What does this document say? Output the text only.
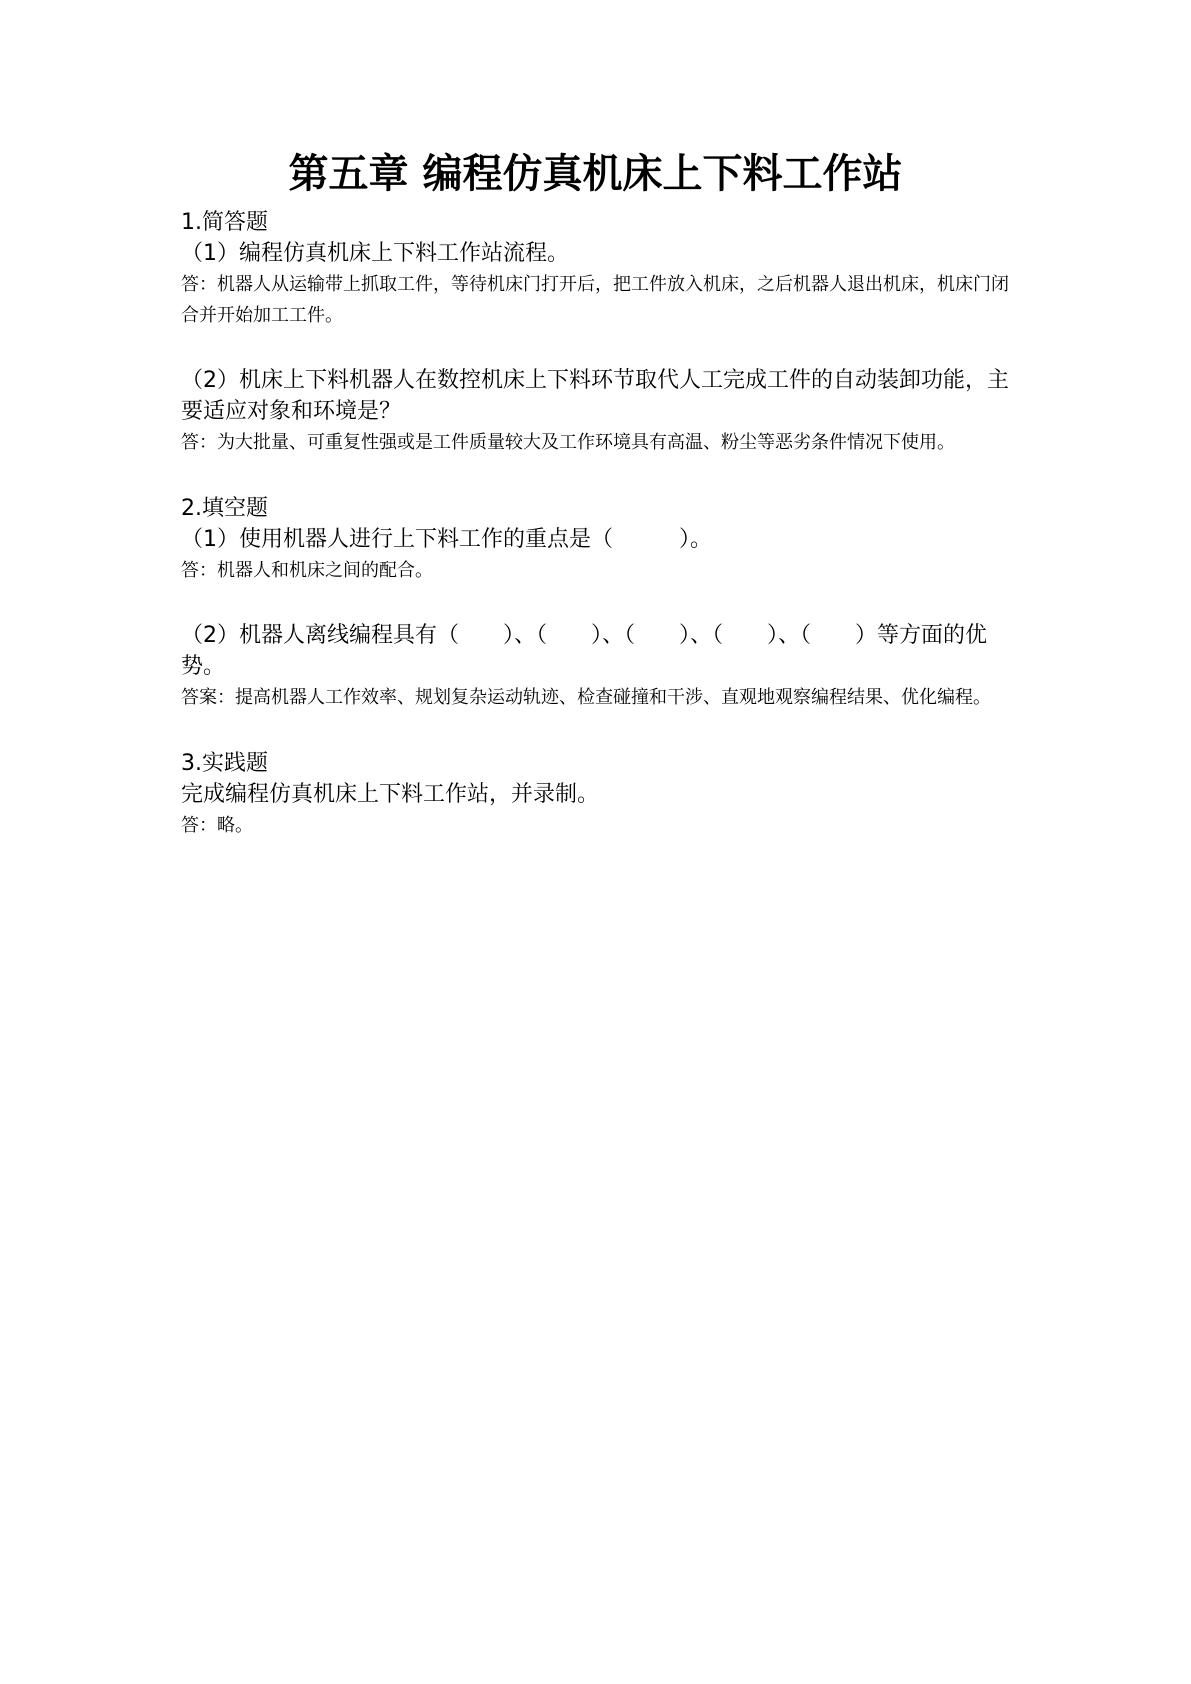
第五章 编程仿真机床上下料工作站

1.简答题

（1）编程仿真机床上下料工作站流程。

答：机器人从运输带上抓取工件，等待机床门打开后，把工件放入机床，之后机器人退出机床，机床门闭合并开始加工工件。

（2）机床上下料机器人在数控机床上下料环节取代人工完成工件的自动装卸功能，主要适应对象和环境是？

答：为大批量、可重复性强或是工件质量较大及工作环境具有高温、粉尘等恶劣条件情况下使用。

2.填空题

（1）使用机器人进行上下料工作的重点是（　　　）。

答：机器人和机床之间的配合。

（2）机器人离线编程具有（　　）、（　　）、（　　）、（　　）、（　　）等方面的优势。

答案：提高机器人工作效率、规划复杂运动轨迹、检查碰撞和干涉、直观地观察编程结果、优化编程。

3.实践题

完成编程仿真机床上下料工作站，并录制。

答：略。
